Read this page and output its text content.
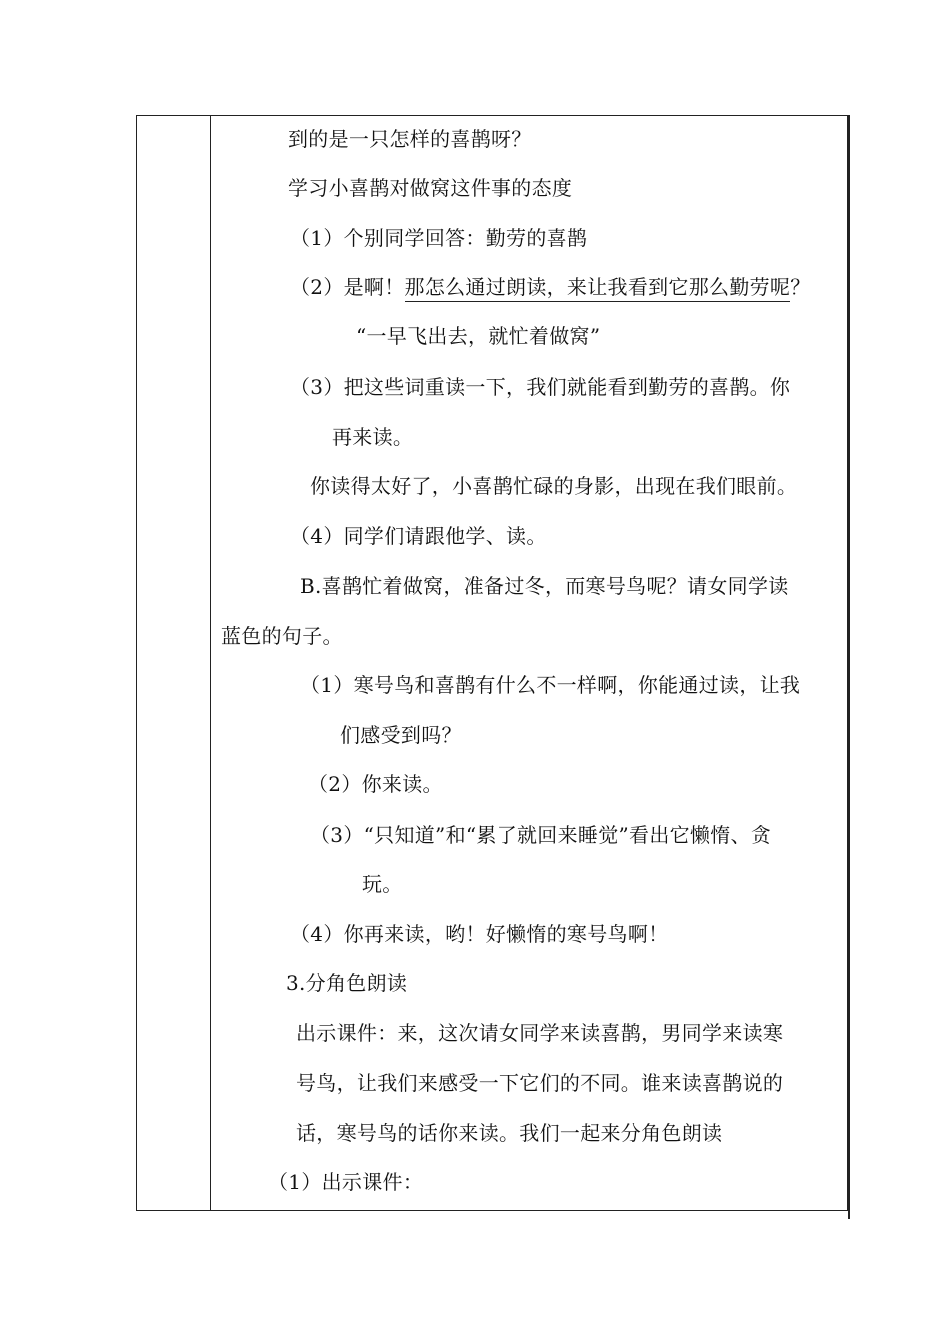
到的是一只怎样的喜鹊呀？
学习小喜鹊对做窝这件事的态度
（1）个别同学回答：勤劳的喜鹊
（2）是啊！那怎么通过朗读，来让我看到它那么勤劳呢？
“一早飞出去，就忙着做窝”
（3）把这些词重读一下，我们就能看到勤劳的喜鹊。你
再来读。
你读得太好了，小喜鹊忙碌的身影，出现在我们眼前。
（4）同学们请跟他学、读。
B.喜鹊忙着做窝，准备过冬，而寒号鸟呢？请女同学读
蓝色的句子。
（1）寒号鸟和喜鹊有什么不一样啊，你能通过读，让我
们感受到吗？
（2）你来读。
（3）“只知道”和“累了就回来睡觉”看出它懒惰、贪
玩。
（4）你再来读，哟！好懒惰的寒号鸟啊！
3.分角色朗读
出示课件：来，这次请女同学来读喜鹊，男同学来读寒
号鸟，让我们来感受一下它们的不同。谁来读喜鹊说的
话，寒号鸟的话你来读。我们一起来分角色朗读
（1）出示课件：
